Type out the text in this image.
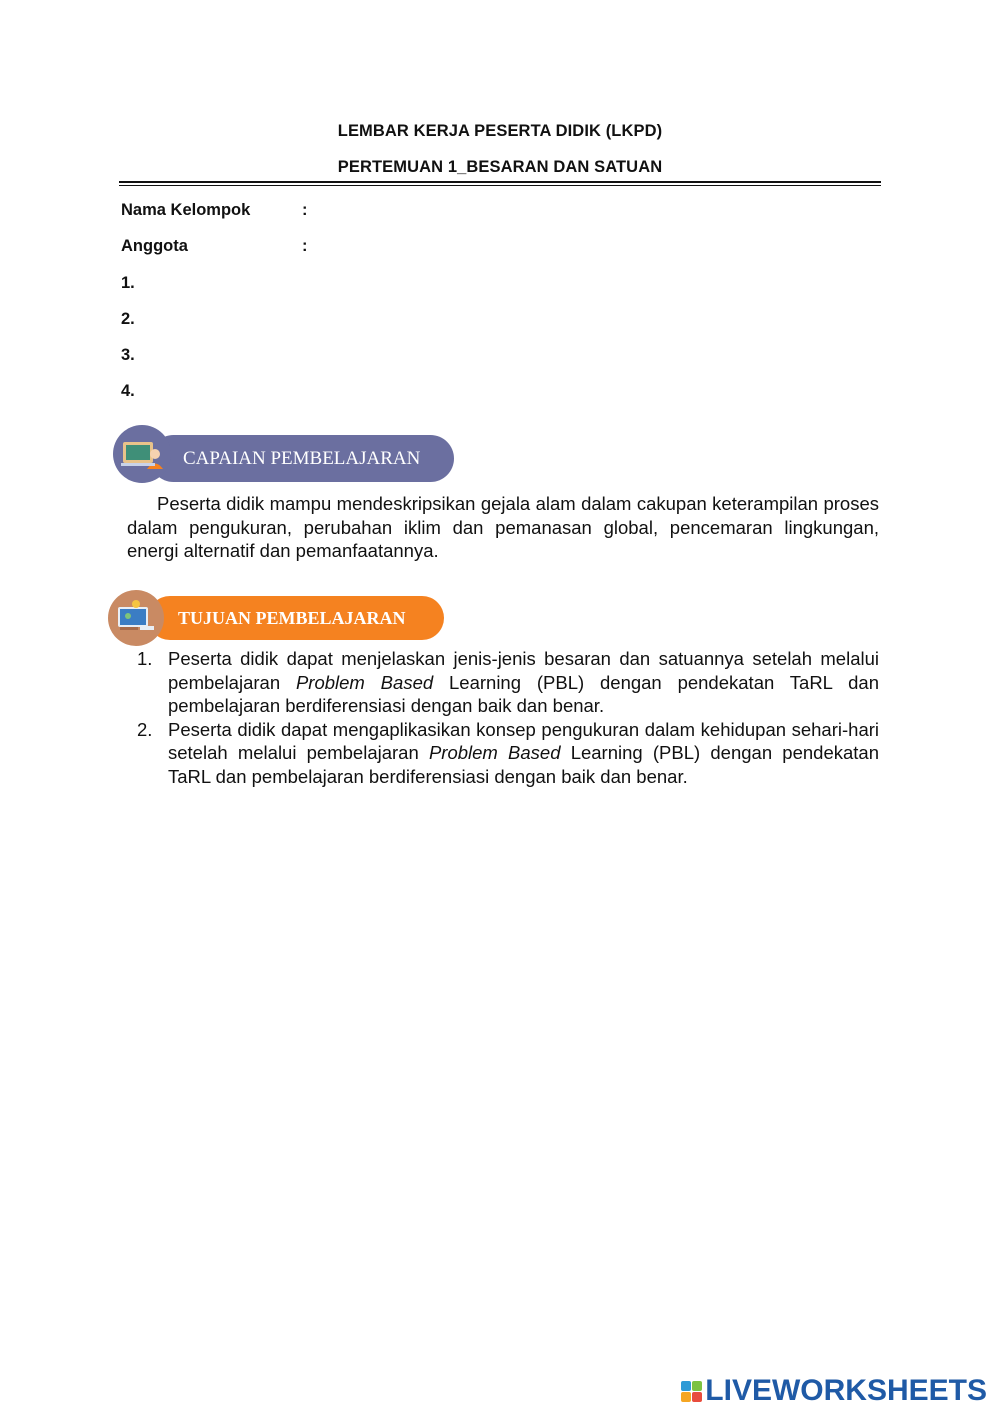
LEMBAR KERJA PESERTA DIDIK (LKPD)
PERTEMUAN 1_BESARAN DAN SATUAN
Nama Kelompok	:
Anggota	:
1.
2.
3.
4.
CAPAIAN PEMBELAJARAN
Peserta didik mampu mendeskripsikan gejala alam dalam cakupan keterampilan proses dalam pengukuran, perubahan iklim dan pemanasan global, pencemaran lingkungan, energi alternatif dan pemanfaatannya.
TUJUAN PEMBELAJARAN
1. Peserta didik dapat menjelaskan jenis-jenis besaran dan satuannya setelah melalui pembelajaran Problem Based Learning (PBL) dengan pendekatan TaRL dan pembelajaran berdiferensiasi dengan baik dan benar.
2. Peserta didik dapat mengaplikasikan konsep pengukuran dalam kehidupan sehari-hari setelah melalui pembelajaran Problem Based Learning (PBL) dengan pendekatan TaRL dan pembelajaran berdiferensiasi dengan baik dan benar.
LIVEWORKSHEETS
